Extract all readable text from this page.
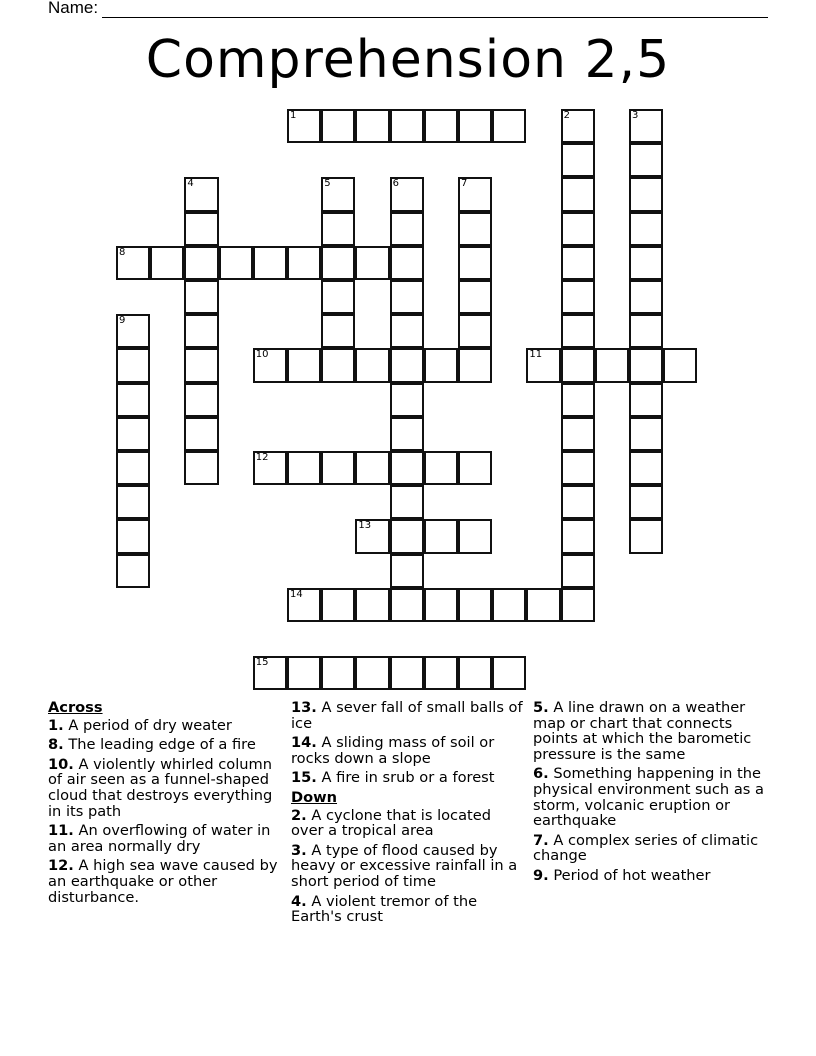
Name:
Comprehension 2,5
1	2	3
4	5	6	7
8
9
10	11
12
13
14
15
Across
1. A period of dry weater
8. The leading edge of a fire
10. A violently whirled column of air seen as a funnel-shaped cloud that destroys everything in its path
11. An overflowing of water in an area normally dry
12. A high sea wave caused by an earthquake or other disturbance.
13. A sever fall of small balls of ice
14. A sliding mass of soil or rocks down a slope
15. A fire in srub or a forest
Down
2. A cyclone that is located over a tropical area
3. A type of flood caused by heavy or excessive rainfall in a short period of time
4. A violent tremor of the Earth's crust
5. A line drawn on a weather map or chart that connects points at which the barometic pressure is the same
6. Something happening in the physical environment such as a storm, volcanic eruption or earthquake
7. A complex series of climatic change
9. Period of hot weather
